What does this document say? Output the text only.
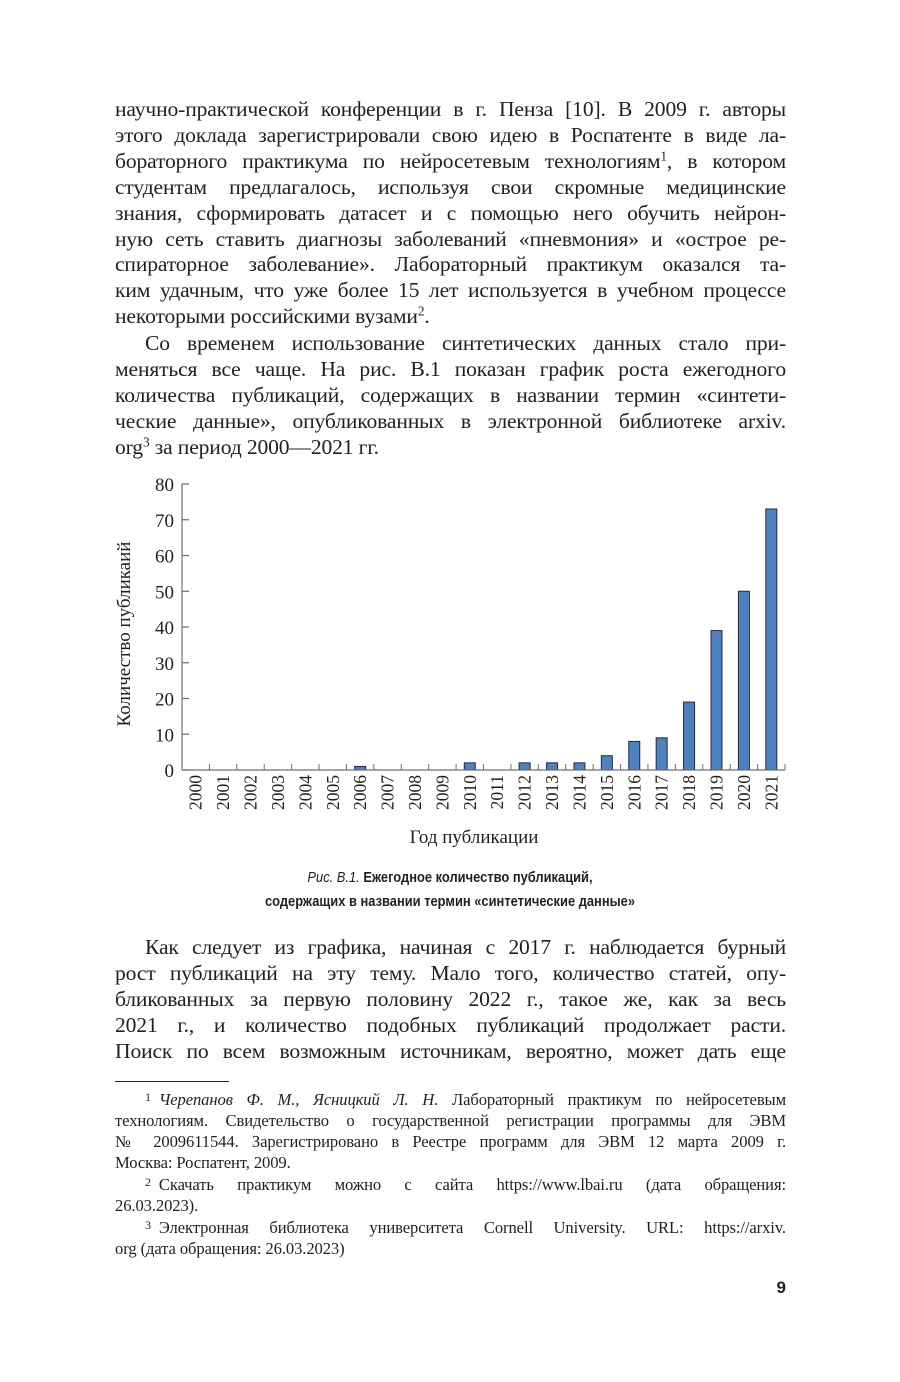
научно-практической конференции в г. Пенза [10]. В 2009 г. авторы
этого доклада зарегистрировали свою идею в Роспатенте в виде ла-
бораторного практикума по нейросетевым технологиям$^1$, в котором
студентам предлагалось, используя свои скромные медицинские
знания, сформировать датасет и с помощью него обучить нейрон-
ную сеть ставить диагнозы заболеваний «пневмония» и «острое ре-
спираторное заболевание». Лабораторный практикум оказался та-
ким удачным, что уже более 15 лет используется в учебном процессе
некоторыми российскими вузами$^2$.
Со временем использование синтетических данных стало при-
меняться все чаще. На рис. В.1 показан график роста ежегодного
количества публикаций, содержащих в названии термин «синтети-
ческие данные», опубликованных в электронной библиотеке arxiv.
org$^3$ за период 2000—2021 гг.
0
10
20
30
40
50
60
70
80
2000 2001 2002 2003 2004 2005 2006 2007 2008 2009 2010 2011 2012 2013 2014 2015 2016 2017 2018 2019 2020 2021
Количество публикаий
Год публикации
Рис. В.1. Ежегодное количество публикаций,
содержащих в названии термин «синтетические данные»
Как следует из графика, начиная с 2017 г. наблюдается бурный
рост публикаций на эту тему. Мало того, количество статей, опу-
бликованных за первую половину 2022 г., такое же, как за весь
2021 г., и количество подобных публикаций продолжает расти.
Поиск по всем возможным источникам, вероятно, может дать еще
$^1$ Черепанов Ф. М., Ясницкий Л. Н. Лабораторный практикум по нейросетевым
технологиям. Свидетельство о государственной регистрации программы для ЭВМ
№ 2009611544. Зарегистрировано в Реестре программ для ЭВМ 12 марта 2009 г.
Москва: Роспатент, 2009.
$^2$ Скачать практикум можно с сайта https://www.lbai.ru (дата обращения:
26.03.2023).
$^3$ Электронная библиотека университета Cornell University. URL: https://arxiv.
org (дата обращения: 26.03.2023)
9
